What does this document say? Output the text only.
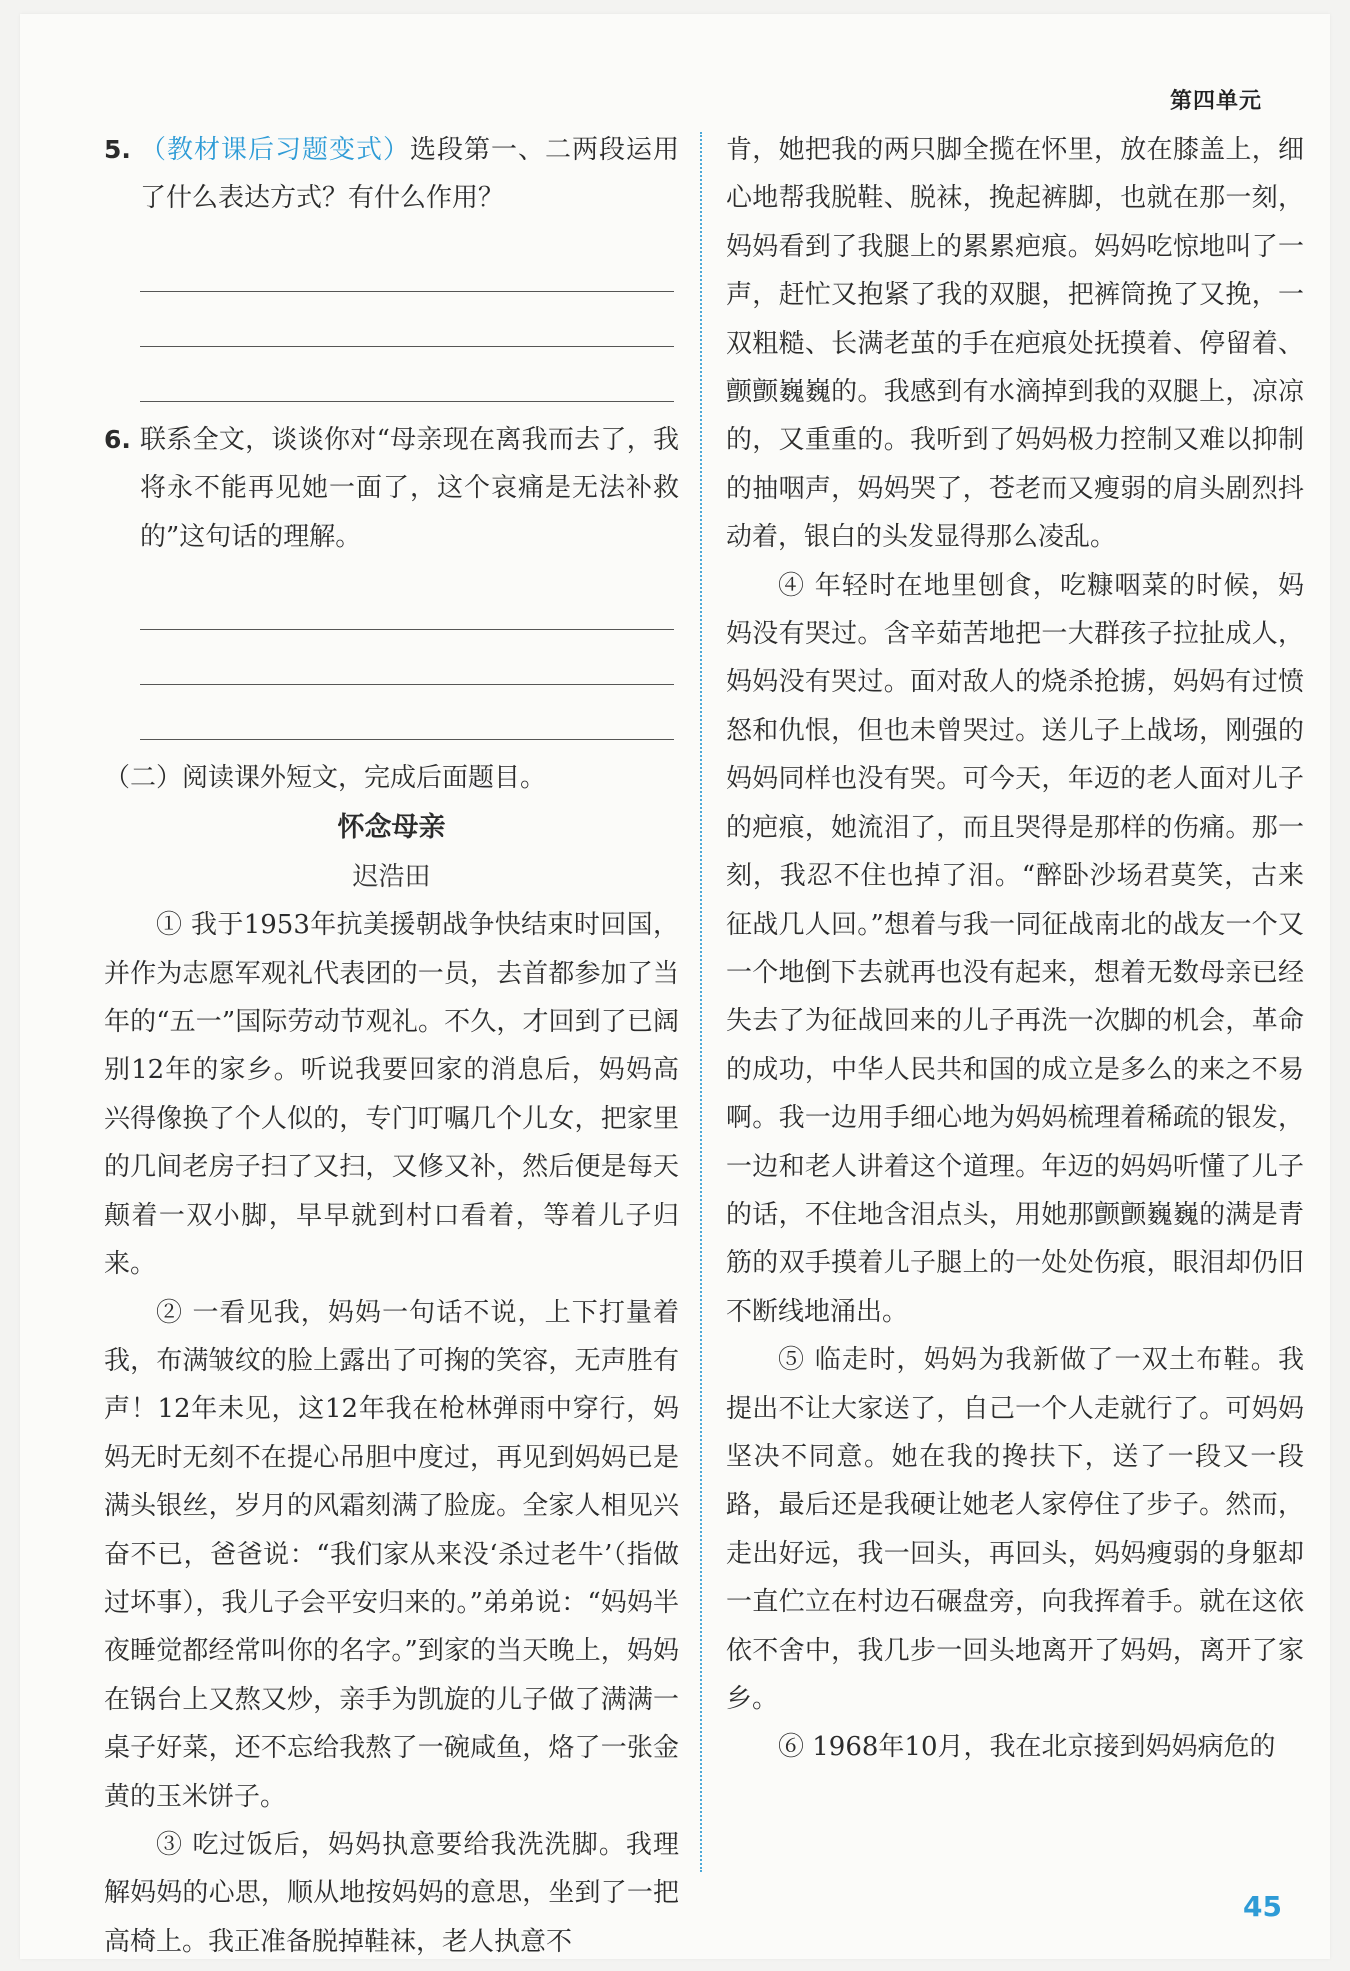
第四单元
5. （教材课后习题变式）选段第一、二两段运用了什么表达方式？有什么作用？

6. 联系全文，谈谈你对“母亲现在离我而去了，我将永不能再见她一面了，这个哀痛是无法补救的”这句话的理解。

（二）阅读课外短文，完成后面题目。
怀念母亲
迟浩田

① 我于1953年抗美援朝战争快结束时回国，并作为志愿军观礼代表团的一员，去首都参加了当年的“五一”国际劳动节观礼。不久，才回到了已阔别12年的家乡。听说我要回家的消息后，妈妈高兴得像换了个人似的，专门叮嘱几个儿女，把家里的几间老房子扫了又扫，又修又补，然后便是每天颠着一双小脚，早早就到村口看着，等着儿子归来。

② 一看见我，妈妈一句话不说，上下打量着我，布满皱纹的脸上露出了可掬的笑容，无声胜有声！12年未见，这12年我在枪林弹雨中穿行，妈妈无时无刻不在提心吊胆中度过，再见到妈妈已是满头银丝，岁月的风霜刻满了脸庞。全家人相见兴奋不已，爸爸说：“我们家从来没‘杀过老牛’（指做过坏事），我儿子会平安归来的。”弟弟说：“妈妈半夜睡觉都经常叫你的名字。”到家的当天晚上，妈妈在锅台上又熬又炒，亲手为凯旋的儿子做了满满一桌子好菜，还不忘给我熬了一碗咸鱼，烙了一张金黄的玉米饼子。

③ 吃过饭后，妈妈执意要给我洗洗脚。我理解妈妈的心思，顺从地按妈妈的意思，坐到了一把高椅上。我正准备脱掉鞋袜，老人执意不

肯，她把我的两只脚全揽在怀里，放在膝盖上，细心地帮我脱鞋、脱袜，挽起裤脚，也就在那一刻，妈妈看到了我腿上的累累疤痕。妈妈吃惊地叫了一声，赶忙又抱紧了我的双腿，把裤筒挽了又挽，一双粗糙、长满老茧的手在疤痕处抚摸着、停留着、颤颤巍巍的。我感到有水滴掉到我的双腿上，凉凉的，又重重的。我听到了妈妈极力控制又难以抑制的抽咽声，妈妈哭了，苍老而又瘦弱的肩头剧烈抖动着，银白的头发显得那么凌乱。

④ 年轻时在地里刨食，吃糠咽菜的时候，妈妈没有哭过。含辛茹苦地把一大群孩子拉扯成人，妈妈没有哭过。面对敌人的烧杀抢掳，妈妈有过愤怒和仇恨，但也未曾哭过。送儿子上战场，刚强的妈妈同样也没有哭。可今天，年迈的老人面对儿子的疤痕，她流泪了，而且哭得是那样的伤痛。那一刻，我忍不住也掉了泪。“醉卧沙场君莫笑，古来征战几人回。”想着与我一同征战南北的战友一个又一个地倒下去就再也没有起来，想着无数母亲已经失去了为征战回来的儿子再洗一次脚的机会，革命的成功，中华人民共和国的成立是多么的来之不易啊。我一边用手细心地为妈妈梳理着稀疏的银发，一边和老人讲着这个道理。年迈的妈妈听懂了儿子的话，不住地含泪点头，用她那颤颤巍巍的满是青筋的双手摸着儿子腿上的一处处伤痕，眼泪却仍旧不断线地涌出。

⑤ 临走时，妈妈为我新做了一双土布鞋。我提出不让大家送了，自己一个人走就行了。可妈妈坚决不同意。她在我的搀扶下，送了一段又一段路，最后还是我硬让她老人家停住了步子。然而，走出好远，我一回头，再回头，妈妈瘦弱的身躯却一直伫立在村边石碾盘旁，向我挥着手。就在这依依不舍中，我几步一回头地离开了妈妈，离开了家乡。

⑥ 1968年10月，我在北京接到妈妈病危的

45
